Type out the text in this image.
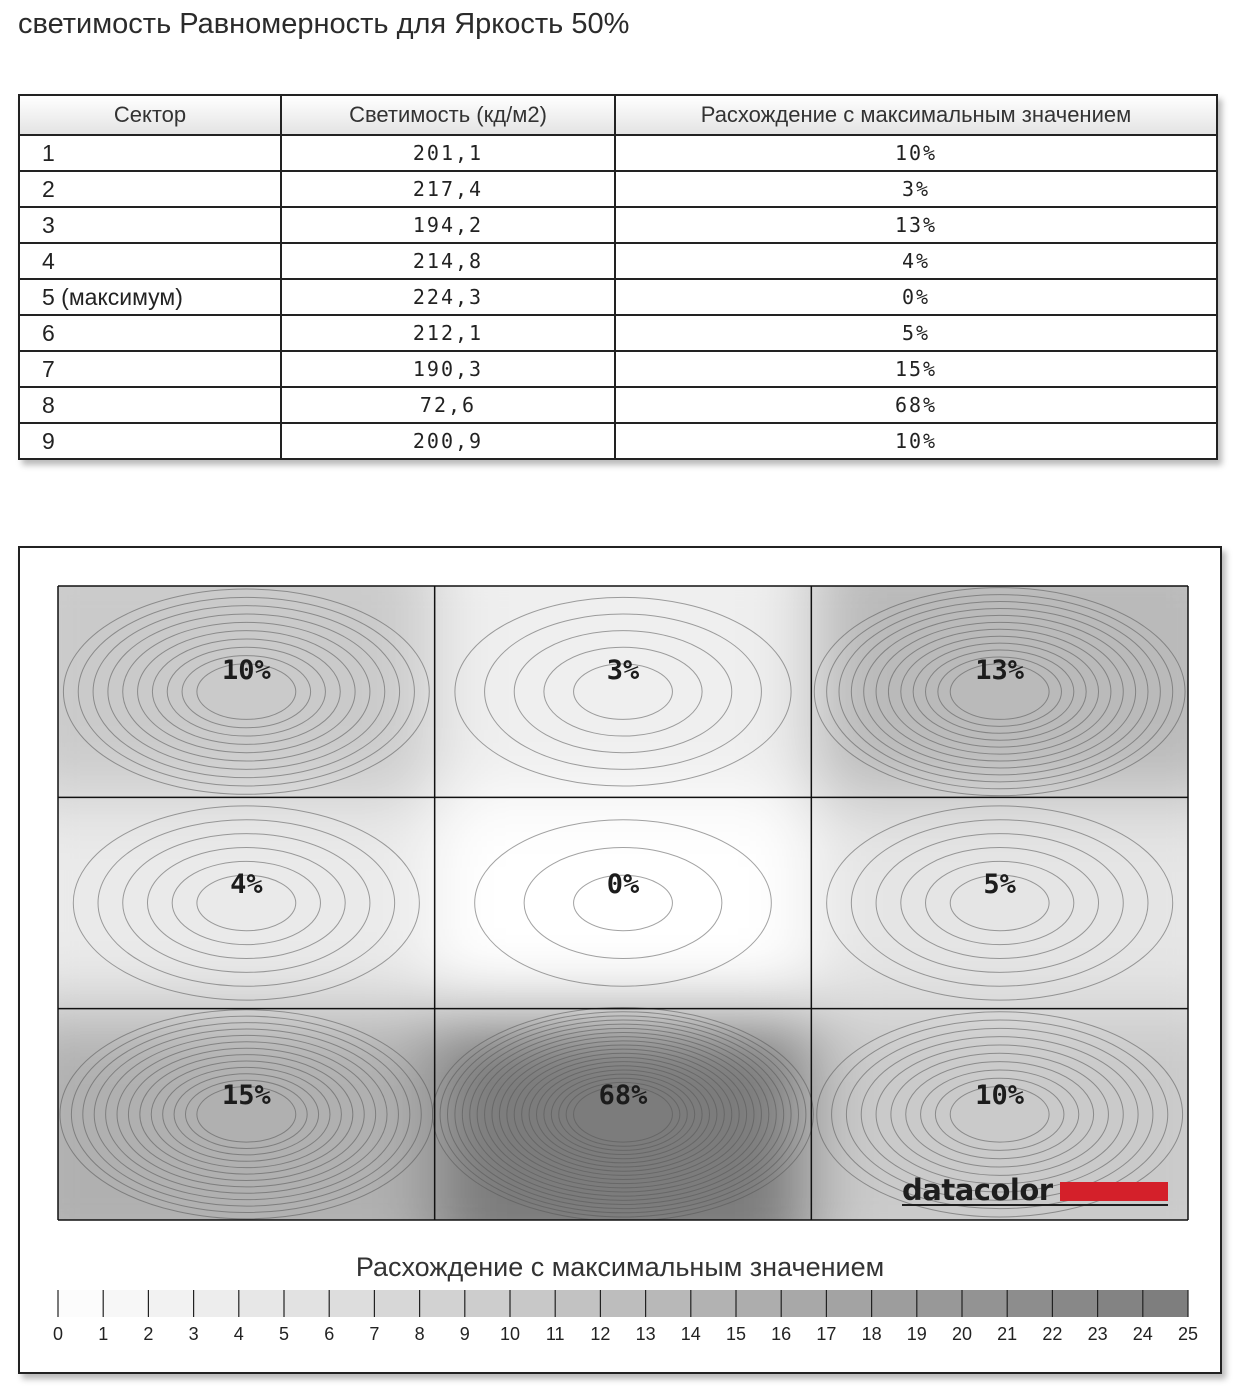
светимость Равномерность для Яркость 50%
Сектор	Светимость (кд/м2)	Расхождение с максимальным значением
1	201,1	10%
2	217,4	3%
3	194,2	13%
4	214,8	4%
5 (максимум)	224,3	0%
6	212,1	5%
7	190,3	15%
8	72,6	68%
9	200,9	10%
10%	3%	13%
4%	0%	5%
15%	68%	10%
datacolor
Расхождение с максимальным значением
0 1 2 3 4 5 6 7 8 9 10 11 12 13 14 15 16 17 18 19 20 21 22 23 24 25
